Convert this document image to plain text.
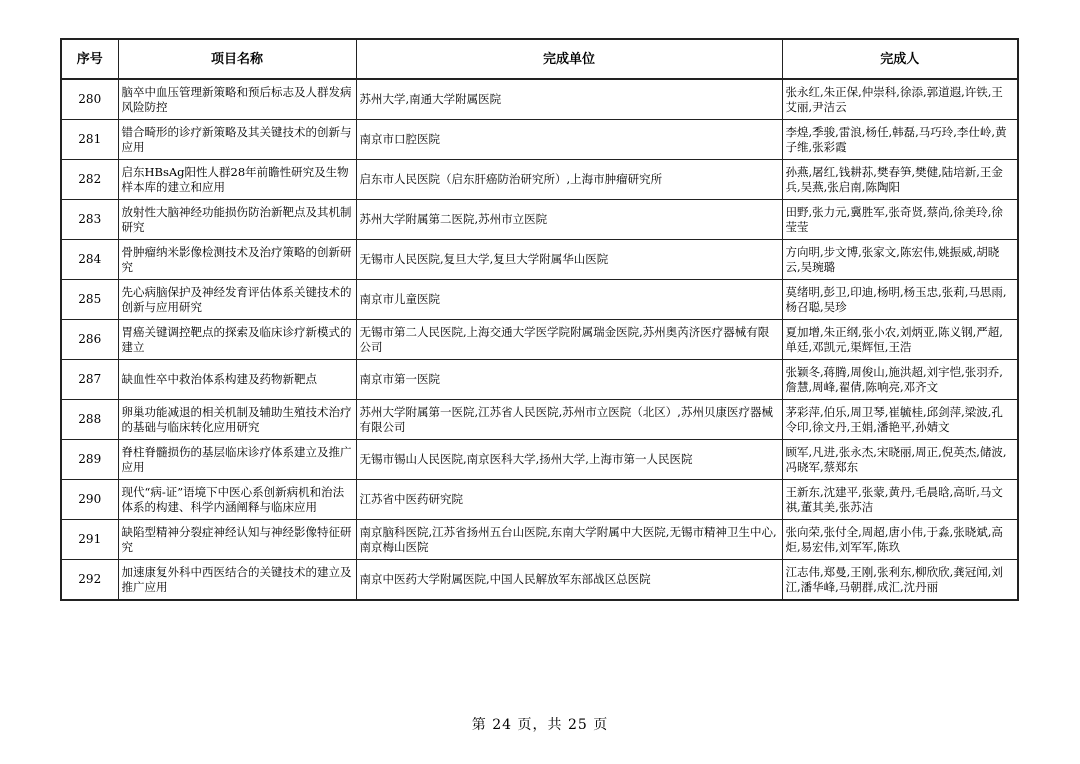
序号	项目名称	完成单位	完成人
280	脑卒中血压管理新策略和预后标志及人群发病风险防控	苏州大学,南通大学附属医院	张永红,朱正保,仲崇科,徐添,郭道遐,许铁,王艾丽,尹洁云
281	错合畸形的诊疗新策略及其关键技术的创新与应用	南京市口腔医院	李煌,季骏,雷浪,杨任,韩磊,马巧玲,李仕岭,黄子维,张彩霞
282	启东HBsAg阳性人群28年前瞻性研究及生物样本库的建立和应用	启东市人民医院（启东肝癌防治研究所）,上海市肿瘤研究所	孙燕,屠红,钱耕荪,樊春笋,樊健,陆培新,王金兵,吴燕,张启南,陈陶阳
283	放射性大脑神经功能损伤防治新靶点及其机制研究	苏州大学附属第二医院,苏州市立医院	田野,张力元,冀胜军,张奇贤,蔡尚,徐美玲,徐莹莹
284	骨肿瘤纳米影像检测技术及治疗策略的创新研究	无锡市人民医院,复旦大学,复旦大学附属华山医院	方向明,步文博,张家文,陈宏伟,姚振威,胡晓云,吴琬璐
285	先心病脑保护及神经发育评估体系关键技术的创新与应用研究	南京市儿童医院	莫绪明,彭卫,印迪,杨明,杨玉忠,张莉,马思雨,杨召聪,吴珍
286	胃癌关键调控靶点的探索及临床诊疗新模式的建立	无锡市第二人民医院,上海交通大学医学院附属瑞金医院,苏州奥芮济医疗器械有限公司	夏加增,朱正纲,张小农,刘炳亚,陈义钢,严超,单廷,邓凯元,渠辉恒,王浩
287	缺血性卒中救治体系构建及药物新靶点	南京市第一医院	张颖冬,蒋腾,周俊山,施洪超,刘宇恺,张羽乔,詹慧,周峰,翟倩,陈响亮,邓齐文
288	卵巢功能减退的相关机制及辅助生殖技术治疗的基础与临床转化应用研究	苏州大学附属第一医院,江苏省人民医院,苏州市立医院（北区）,苏州贝康医疗器械有限公司	茅彩萍,伯乐,周卫琴,崔毓桂,邱剑萍,梁波,孔令印,徐文丹,王娟,潘艳平,孙婧文
289	脊柱脊髓损伤的基层临床诊疗体系建立及推广应用	无锡市锡山人民医院,南京医科大学,扬州大学,上海市第一人民医院	顾军,凡进,张永杰,宋晓丽,周正,倪英杰,储波,冯晓军,蔡郑东
290	现代“病-证”语境下中医心系创新病机和治法体系的构建、科学内涵阐释与临床应用	江苏省中医药研究院	王新东,沈建平,张蒙,黄丹,毛晨晗,高昕,马文祺,董其美,张苏洁
291	缺陷型精神分裂症神经认知与神经影像特征研究	南京脑科医院,江苏省扬州五台山医院,东南大学附属中大医院,无锡市精神卫生中心,南京梅山医院	张向荣,张付全,周超,唐小伟,于淼,张晓斌,高炬,易宏伟,刘军军,陈玖
292	加速康复外科中西医结合的关键技术的建立及推广应用	南京中医药大学附属医院,中国人民解放军东部战区总医院	江志伟,郑曼,王刚,张利东,柳欣欣,龚冠闻,刘江,潘华峰,马朝群,成汇,沈丹丽
第 24 页，共 25 页
